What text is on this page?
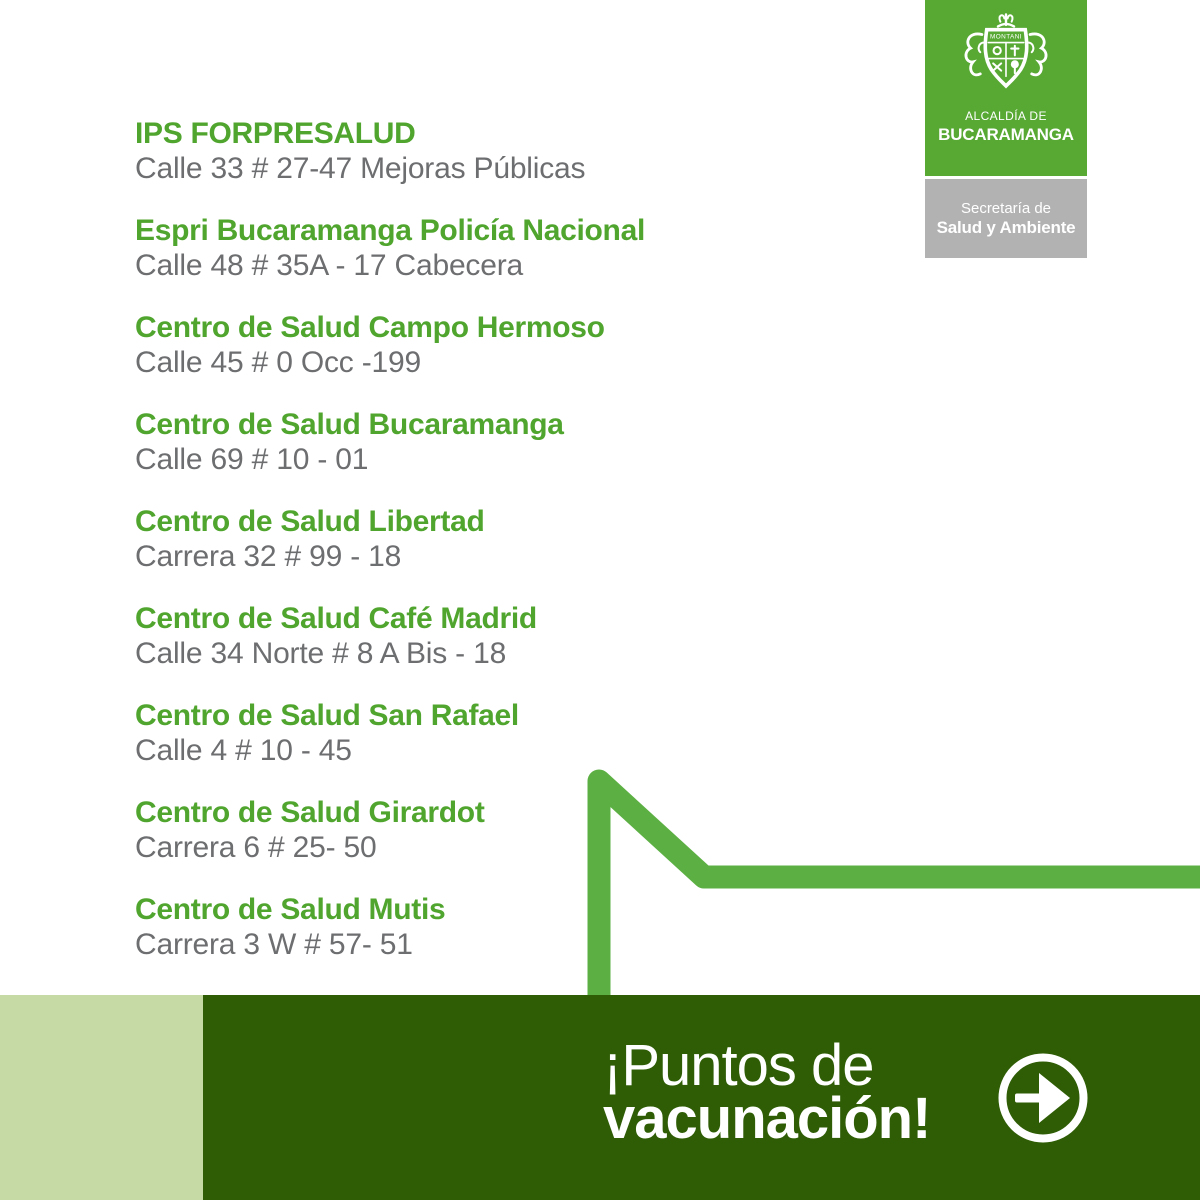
IPS FORPRESALUD
Calle 33 # 27-47 Mejoras Públicas
Espri Bucaramanga Policía Nacional
Calle 48 # 35A - 17 Cabecera
Centro de Salud Campo Hermoso
Calle 45 # 0 Occ -199
Centro de Salud Bucaramanga
Calle 69 # 10 - 01
Centro de Salud Libertad
Carrera 32 # 99 - 18
Centro de Salud Café Madrid
Calle 34 Norte # 8 A Bis - 18
Centro de Salud San Rafael
Calle 4 # 10 - 45
Centro de Salud Girardot
Carrera 6 # 25- 50
Centro de Salud Mutis
Carrera 3 W # 57- 51
MONTANI
ALCALDÍA DE
BUCARAMANGA
Secretaría de
Salud y Ambiente
¡Puntos de
vacunación!
